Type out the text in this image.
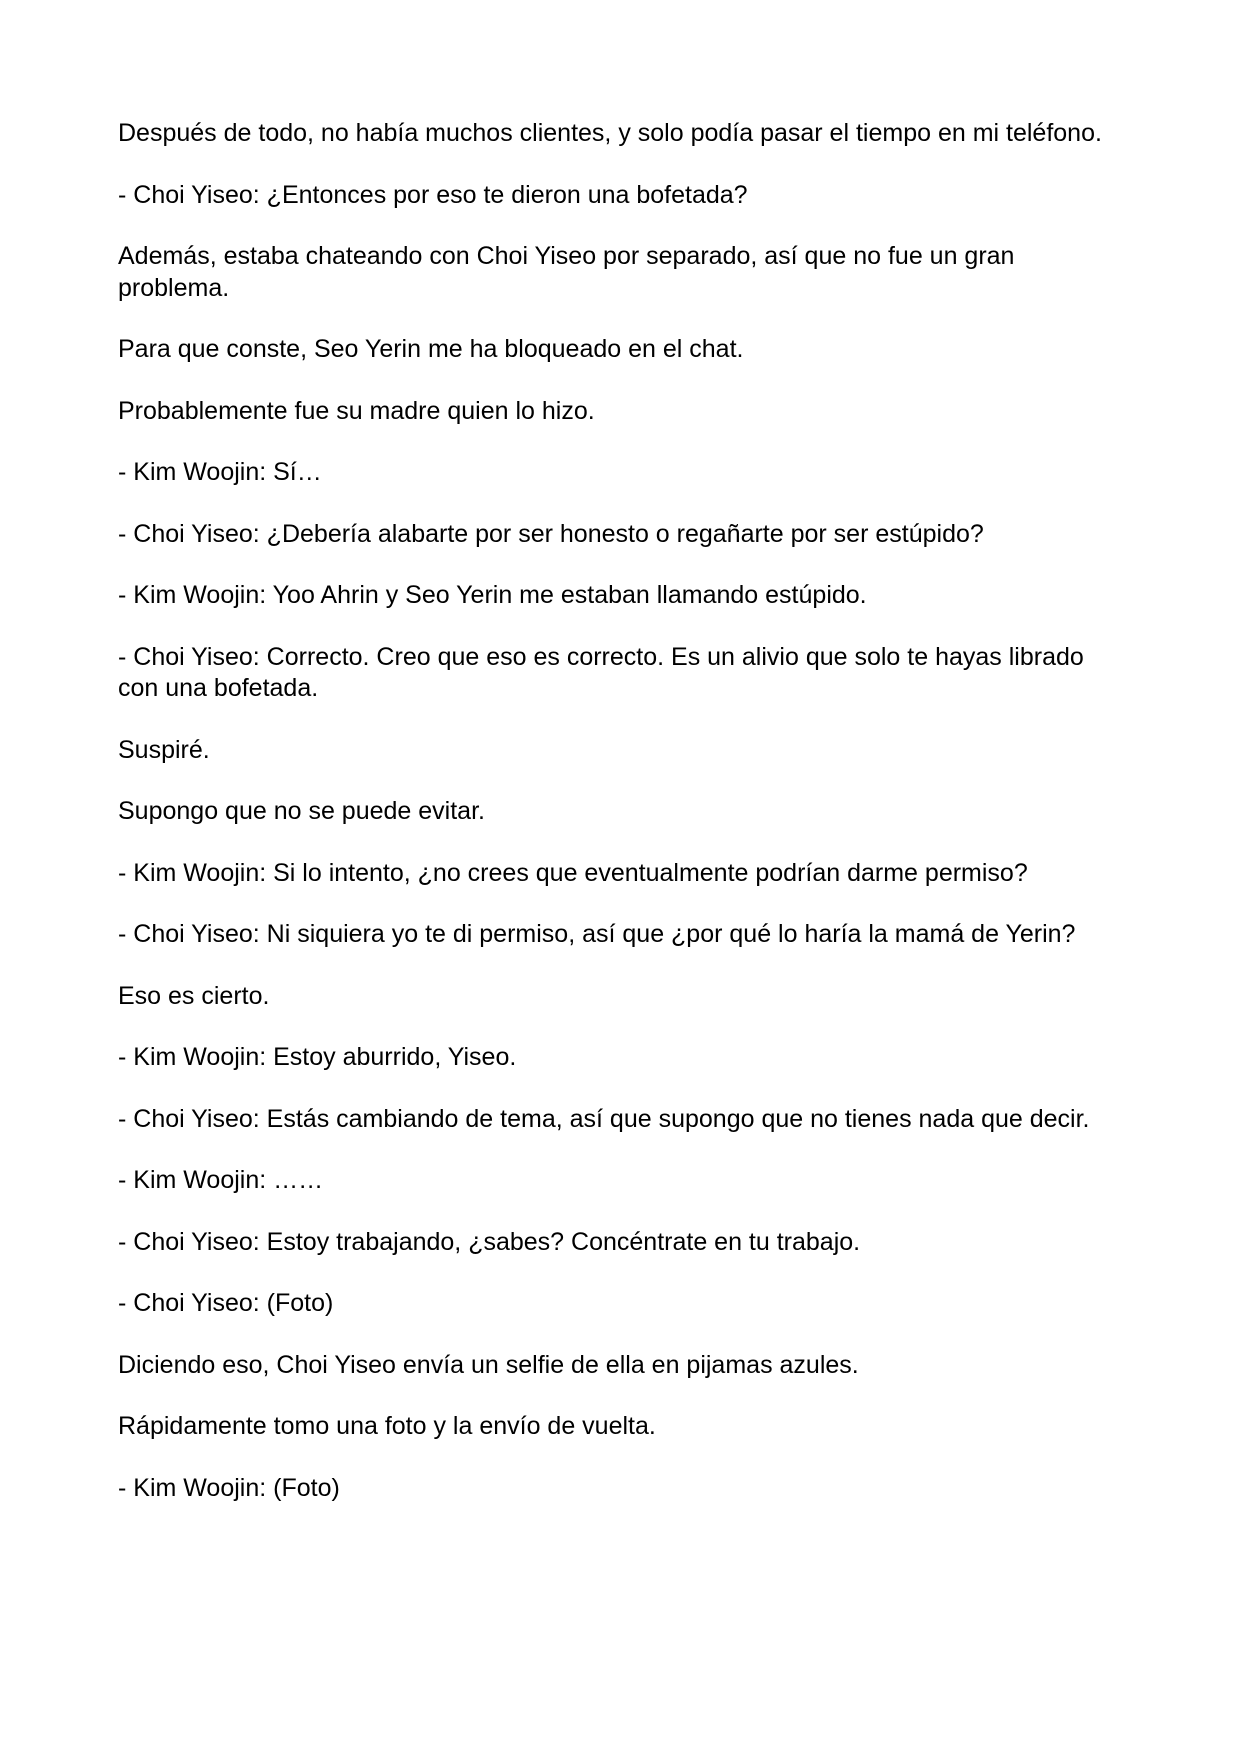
Después de todo, no había muchos clientes, y solo podía pasar el tiempo en mi teléfono.

- Choi Yiseo: ¿Entonces por eso te dieron una bofetada?

Además, estaba chateando con Choi Yiseo por separado, así que no fue un gran problema.

Para que conste, Seo Yerin me ha bloqueado en el chat.

Probablemente fue su madre quien lo hizo.

- Kim Woojin: Sí…

- Choi Yiseo: ¿Debería alabarte por ser honesto o regañarte por ser estúpido?

- Kim Woojin: Yoo Ahrin y Seo Yerin me estaban llamando estúpido.

- Choi Yiseo: Correcto. Creo que eso es correcto. Es un alivio que solo te hayas librado con una bofetada.

Suspiré.

Supongo que no se puede evitar.

- Kim Woojin: Si lo intento, ¿no crees que eventualmente podrían darme permiso?

- Choi Yiseo: Ni siquiera yo te di permiso, así que ¿por qué lo haría la mamá de Yerin?

Eso es cierto.

- Kim Woojin: Estoy aburrido, Yiseo.

- Choi Yiseo: Estás cambiando de tema, así que supongo que no tienes nada que decir.

- Kim Woojin: ……

- Choi Yiseo: Estoy trabajando, ¿sabes? Concéntrate en tu trabajo.

- Choi Yiseo: (Foto)

Diciendo eso, Choi Yiseo envía un selfie de ella en pijamas azules.

Rápidamente tomo una foto y la envío de vuelta.

- Kim Woojin: (Foto)
